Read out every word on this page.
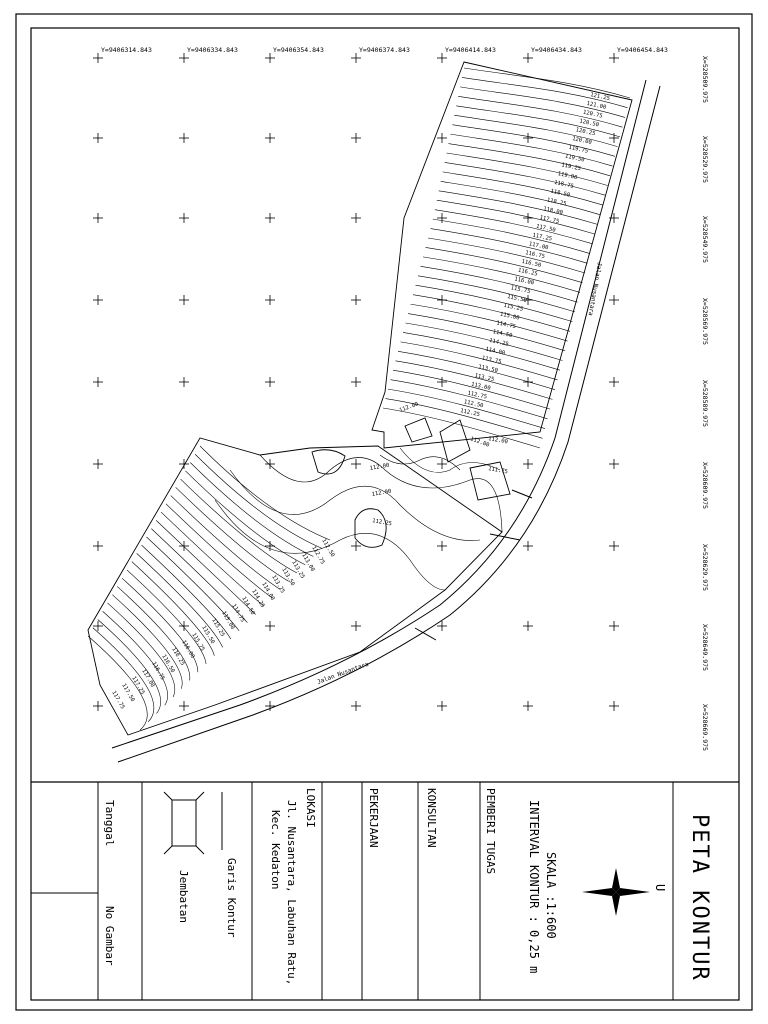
Y=9406314.843	Y=9406334.843	Y=9406354.843	Y=9406374.843	Y=9406414.843	Y=9406434.843	Y=9406454.843
X=528509.975
X=528529.975
X=528549.975
X=528569.975
X=528589.975
X=528609.975
X=528629.975
X=528649.975
X=528669.975
121.25
121.00
120.75
120.50
120.25
120.00
119.75
119.50
119.25
119.00
118.75
118.50
118.25
118.00
117.75
117.50
117.25
117.00
116.75
116.50
116.25
116.00
115.75
115.50
115.25
115.00
114.75
114.50
114.25
114.00
113.75
113.50
113.25
113.00
112.75
112.50
112.25
112.50
112.75
113.00
113.25
113.50
113.75
114.00
114.25
114.50
114.75
115.00
115.25
115.50
115.75
116.00
116.25
116.50
116.75
117.00
117.25
117.50
117.75
112.00
112.00
112.00
111.75
112.00
112.25
112.00
Jalan Nusantara
Jalan Nusantara
PETA KONTUR
U
SKALA :1:600
INTERVAL KONTUR : 0,25 m
PEMBERI TUGAS
KONSULTAN
PEKERJAAN
LOKASI
Jl. Nusantara, Labuhan Ratu,
Kec. Kedaton
Garis Kontur
Jembatan
Tanggal
No Gambar
